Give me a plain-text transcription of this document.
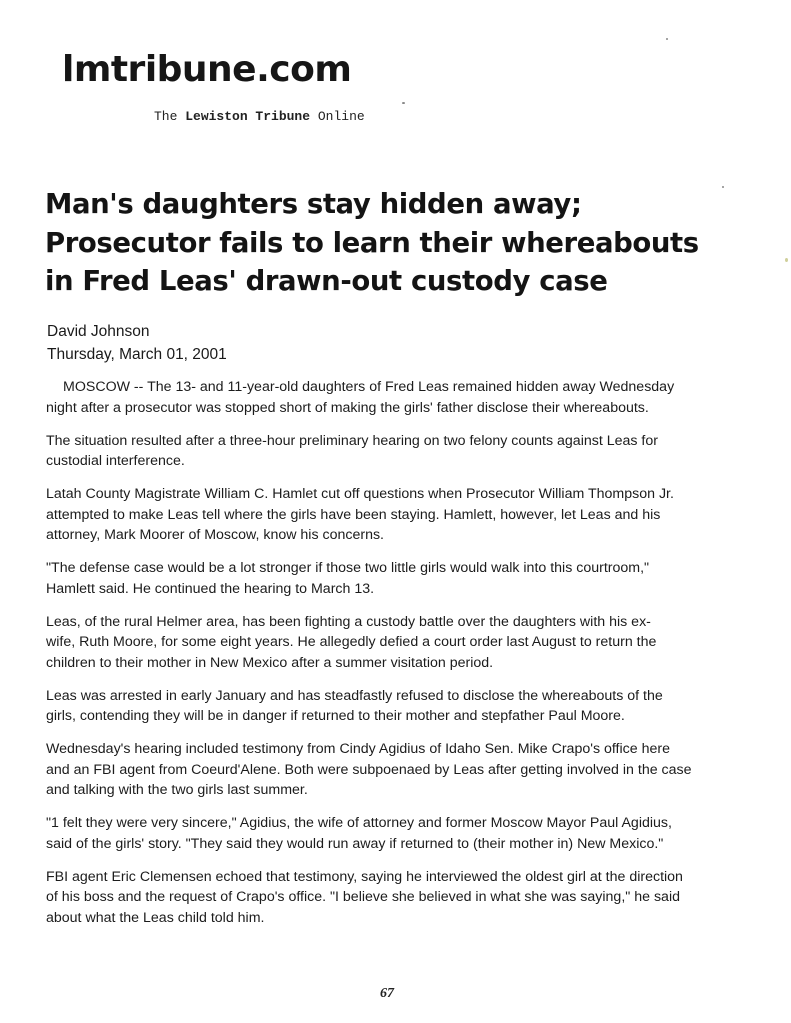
lmtribune.com
The Lewiston Tribune Online
Man's daughters stay hidden away;
Prosecutor fails to learn their whereabouts
in Fred Leas' drawn-out custody case
David Johnson
Thursday, March 01, 2001

MOSCOW -- The 13- and 11-year-old daughters of Fred Leas remained hidden away Wednesday
night after a prosecutor was stopped short of making the girls' father disclose their whereabouts.

The situation resulted after a three-hour preliminary hearing on two felony counts against Leas for
custodial interference.

Latah County Magistrate William C. Hamlet cut off questions when Prosecutor William Thompson Jr.
attempted to make Leas tell where the girls have been staying. Hamlett, however, let Leas and his
attorney, Mark Moorer of Moscow, know his concerns.

"The defense case would be a lot stronger if those two little girls would walk into this courtroom,"
Hamlett said. He continued the hearing to March 13.

Leas, of the rural Helmer area, has been fighting a custody battle over the daughters with his ex-
wife, Ruth Moore, for some eight years. He allegedly defied a court order last August to return the
children to their mother in New Mexico after a summer visitation period.

Leas was arrested in early January and has steadfastly refused to disclose the whereabouts of the
girls, contending they will be in danger if returned to their mother and stepfather Paul Moore.

Wednesday's hearing included testimony from Cindy Agidius of Idaho Sen. Mike Crapo's office here
and an FBI agent from Coeurd'Alene. Both were subpoenaed by Leas after getting involved in the case
and talking with the two girls last summer.

"1 felt they were very sincere," Agidius, the wife of attorney and former Moscow Mayor Paul Agidius,
said of the girls' story. "They said they would run away if returned to (their mother in) New Mexico."

FBI agent Eric Clemensen echoed that testimony, saying he interviewed the oldest girl at the direction
of his boss and the request of Crapo's office. "I believe she believed in what she was saying," he said
about what the Leas child told him.

67
